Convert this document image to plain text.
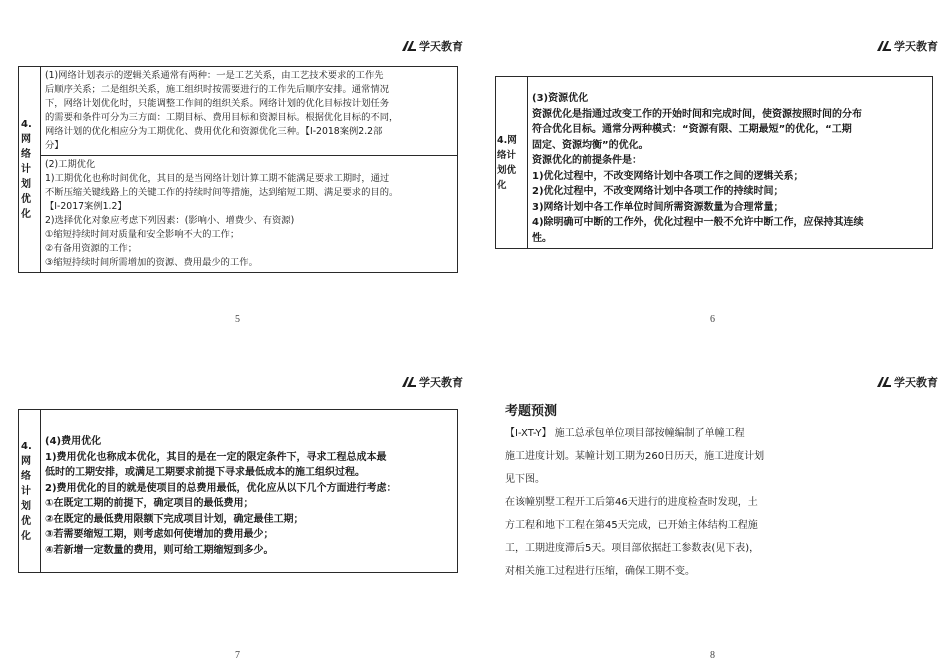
学天教育
4.
网
络
计
划
优
化	
(1)网络计划表示的逻辑关系通常有两种：一是工艺关系，由工艺技术要求的工作先
后顺序关系；二是组织关系，施工组织时按需要进行的工作先后顺序安排。通常情况
下，网络计划优化时，只能调整工作间的组织关系。网络计划的优化目标按计划任务
的需要和条件可分为三方面：工期目标、费用目标和资源目标。根据优化目标的不同，
网络计划的优化相应分为工期优化、费用优化和资源优化三种。【Ⅰ-2018案例2.2部
分】

(2)工期优化
1)工期优化也称时间优化，其目的是当网络计划计算工期不能满足要求工期时，通过
不断压缩关键线路上的关键工作的持续时间等措施，达到缩短工期、满足要求的目的。
【Ⅰ-2017案例1.2】
2)选择优化对象应考虑下列因素：(影响小、增费少、有资源)
①缩短持续时间对质量和安全影响不大的工作；
②有备用资源的工作；
③缩短持续时间所需增加的资源、费用最少的工作。
5
学天教育
4.网
络计
划优
化	
(3)资源优化
资源优化是指通过改变工作的开始时间和完成时间，使资源按照时间的分布
符合优化目标。通常分两种模式：“资源有限、工期最短”的优化，“工期
固定、资源均衡”的优化。
资源优化的前提条件是：
1)优化过程中，不改变网络计划中各项工作之间的逻辑关系；
2)优化过程中，不改变网络计划中各项工作的持续时间；
3)网络计划中各工作单位时间所需资源数量为合理常量；
4)除明确可中断的工作外，优化过程中一般不允许中断工作，应保持其连续
性。
6
学天教育
4.
网
络
计
划
优
化	
(4)费用优化
1)费用优化也称成本优化，其目的是在一定的限定条件下，寻求工程总成本最
低时的工期安排，或满足工期要求前提下寻求最低成本的施工组织过程。
2)费用优化的目的就是使项目的总费用最低，优化应从以下几个方面进行考虑：
①在既定工期的前提下，确定项目的最低费用；
②在既定的最低费用限额下完成项目计划，确定最佳工期；
③若需要缩短工期，则考虑如何使增加的费用最少；
④若新增一定数量的费用，则可给工期缩短到多少。
7
学天教育
考题预测
【Ⅰ-XT-Y】 施工总承包单位项目部按幢编制了单幢工程
施工进度计划。某幢计划工期为260日历天，施工进度计划
见下图。
在该幢别墅工程开工后第46天进行的进度检查时发现，土
方工程和地下工程在第45天完成，已开始主体结构工程施
工，工期进度滞后5天。项目部依据赶工参数表(见下表)，
对相关施工过程进行压缩，确保工期不变。
8
